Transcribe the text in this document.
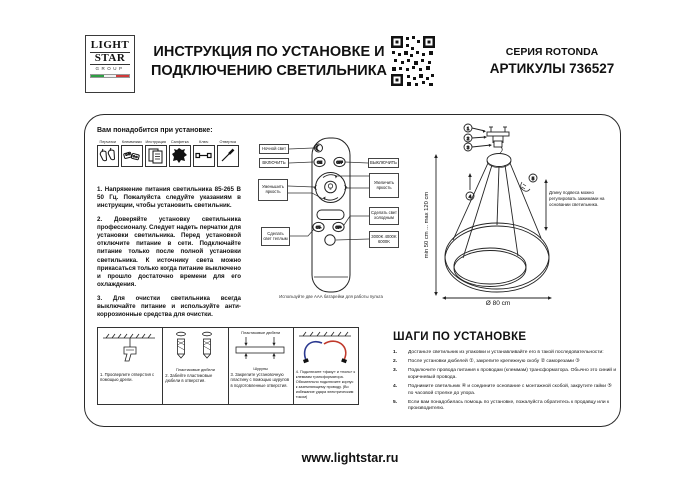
LIGHT
STAR
GROUP
ИНСТРУКЦИЯ ПО УСТАНОВКЕ И
ПОДКЛЮЧЕНИЮ СВЕТИЛЬНИКА
СЕРИЯ ROTONDA
АРТИКУЛЫ 736527
Вам понадобится при установке:
Перчатки	Клеммники Инструкция	Салфетка	Ключ	Отвертка

1. Напряжение питания светильника 85-265 В 50 Гц. Пожалуйста следуйте указаниям в инструкции, чтобы установить светильник.

2. Доверяйте установку светильника профессионалу. Следует надеть перчатки для установки светильника. Перед установкой отключите питание в сети. Подключайте питание только после полной установки светильника. К источнику света можно прикасаться только когда питание выключено и прошло достаточно времени для его охлаждения.

3. Для очистки светильника всегда выключайте питание и используйте анти-коррозионные средства для очистки.

ON	OFF
CT-	CT+
Ночной свет
ВКЛЮЧИТЬ
Уменьшить яркость
Сделать свет теплым
ВЫКЛЮЧИТЬ
Увеличить яркость
Сделать свет холодным
3000K 4000K 6000K
Используйте две ААА батарейки для работы пульта
1
2
3
4
5
Длину подвеса можно регулировать зажимами на основании светильника.
min 50 cm ... max 120 cm
Ø 80 cm
1. Просверлите отверстия с помощью дрели.
Пластиковые дюбели
2. Забейте пластиковые дюбели в отверстия.
Пластиковые дюбели
Шурупы
3. Закрепите установочную пластину с помощью шурупов в подготовленные отверстия.
4. Подключите «фазу» и «ноль» к клеммам трансформатора. Обязательно подключите корпус к заземляющему проводу. (Во избежание удара электрическим током)
ШАГИ ПО УСТАНОВКЕ
1.	Достаньте светильник из упаковки и устанавливайте его в такой последовательности:
2.	После установки дюбелей ①, закрепите крепежную скобу ② саморезами ③
3.	Подключите провода питания к проводам (клеммам) трансформатора. Обычно это синий и коричневый провода.
4.	Поднимите светильник ④ и соедините основание с монтажной скобой, закрутите гайки ⑤ по часовой стрелке до упора.
5.	Если вам понадобилась помощь по установке, пожалуйста обратитесь к продавцу или к производителю.
www.lightstar.ru
